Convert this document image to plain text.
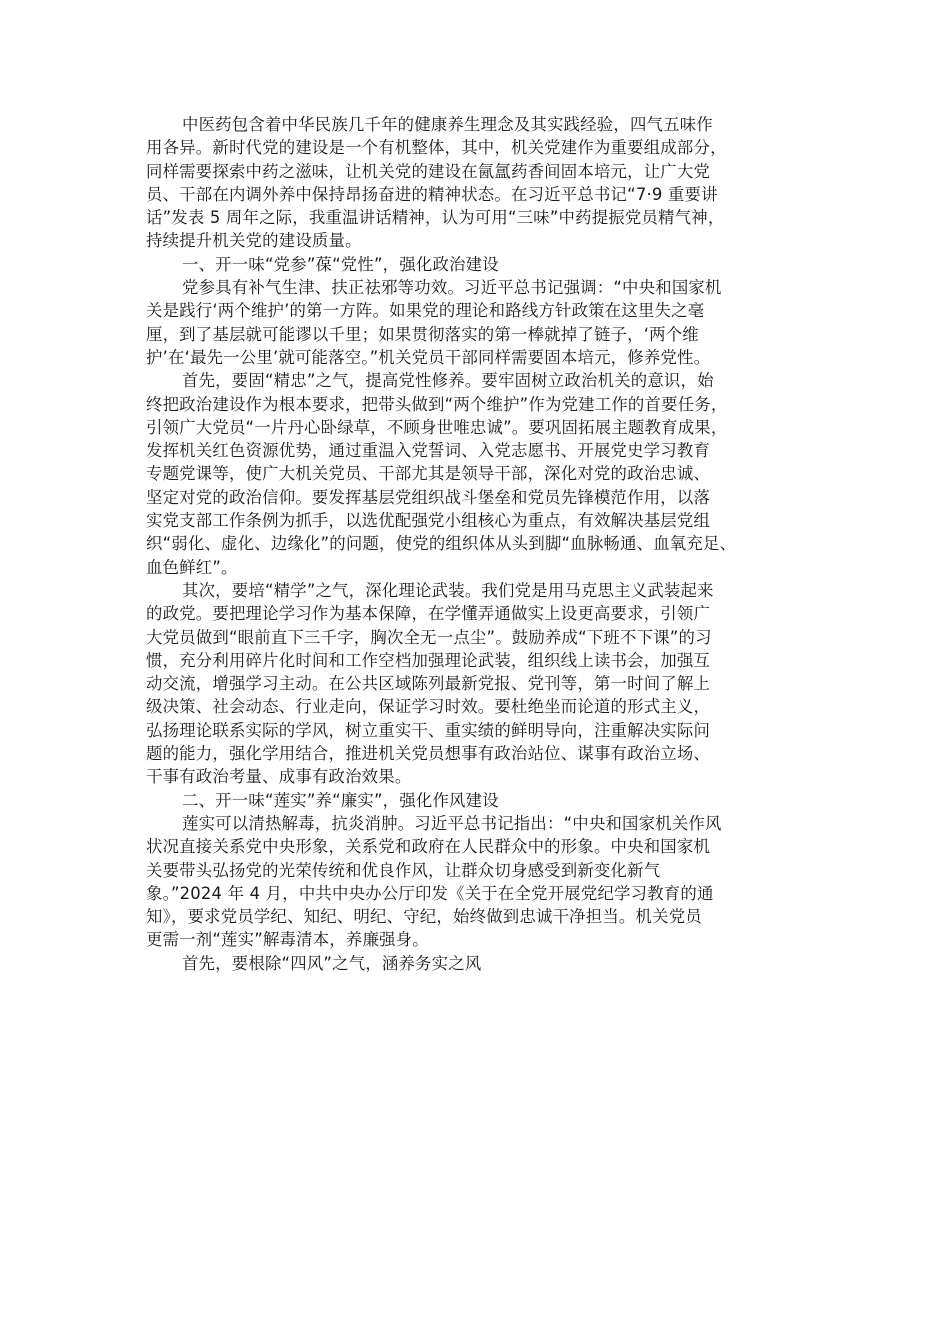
中医药包含着中华民族几千年的健康养生理念及其实践经验，四气五味作
用各异。新时代党的建设是一个有机整体，其中，机关党建作为重要组成部分，
同样需要探索中药之滋味，让机关党的建设在氤氲药香间固本培元，让广大党
员、干部在内调外养中保持昂扬奋进的精神状态。在习近平总书记“7·9 重要讲
话”发表 5 周年之际，我重温讲话精神，认为可用“三味”中药提振党员精气神，
持续提升机关党的建设质量。
一、开一味“党参”葆“党性”，强化政治建设
党参具有补气生津、扶正祛邪等功效。习近平总书记强调：“中央和国家机
关是践行‘两个维护’的第一方阵。如果党的理论和路线方针政策在这里失之毫
厘，到了基层就可能谬以千里；如果贯彻落实的第一棒就掉了链子，‘两个维
护’在‘最先一公里’就可能落空。”机关党员干部同样需要固本培元，修养党性。
首先，要固“精忠”之气，提高党性修养。要牢固树立政治机关的意识，始
终把政治建设作为根本要求，把带头做到“两个维护”作为党建工作的首要任务，
引领广大党员“一片丹心卧绿草，不顾身世唯忠诚”。要巩固拓展主题教育成果，
发挥机关红色资源优势，通过重温入党誓词、入党志愿书、开展党史学习教育
专题党课等，使广大机关党员、干部尤其是领导干部，深化对党的政治忠诚、
坚定对党的政治信仰。要发挥基层党组织战斗堡垒和党员先锋模范作用，以落
实党支部工作条例为抓手，以选优配强党小组核心为重点，有效解决基层党组
织“弱化、虚化、边缘化”的问题，使党的组织体从头到脚“血脉畅通、血氧充足、
血色鲜红”。
其次，要培“精学”之气，深化理论武装。我们党是用马克思主义武装起来
的政党。要把理论学习作为基本保障，在学懂弄通做实上设更高要求，引领广
大党员做到“眼前直下三千字，胸次全无一点尘”。鼓励养成“下班不下课”的习
惯，充分利用碎片化时间和工作空档加强理论武装，组织线上读书会，加强互
动交流，增强学习主动。在公共区域陈列最新党报、党刊等，第一时间了解上
级决策、社会动态、行业走向，保证学习时效。要杜绝坐而论道的形式主义，
弘扬理论联系实际的学风，树立重实干、重实绩的鲜明导向，注重解决实际问
题的能力，强化学用结合，推进机关党员想事有政治站位、谋事有政治立场、
干事有政治考量、成事有政治效果。
二、开一味“莲实”养“廉实”，强化作风建设
莲实可以清热解毒，抗炎消肿。习近平总书记指出：“中央和国家机关作风
状况直接关系党中央形象，关系党和政府在人民群众中的形象。中央和国家机
关要带头弘扬党的光荣传统和优良作风，让群众切身感受到新变化新气
象。”2024 年 4 月，中共中央办公厅印发《关于在全党开展党纪学习教育的通
知》，要求党员学纪、知纪、明纪、守纪，始终做到忠诚干净担当。机关党员
更需一剂“莲实”解毒清本，养廉强身。
首先，要根除“四风”之气，涵养务实之风
